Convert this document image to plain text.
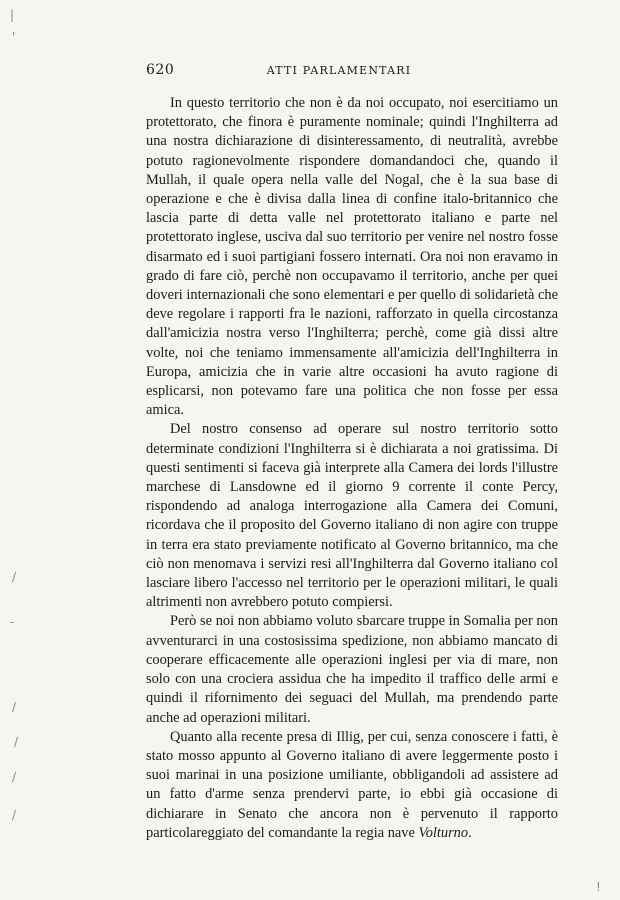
620	ATTI PARLAMENTARI

In questo territorio che non è da noi occupato, noi esercitiamo un protettorato, che finora è puramente nominale; quindi l'Inghilterra ad una nostra dichiarazione di disinteressamento, di neutralità, avrebbe potuto ragionevolmente rispondere domandandoci che, quando il Mullah, il quale opera nella valle del Nogal, che è la sua base di operazione e che è divisa dalla linea di confine italo-britannico che lascia parte di detta valle nel protettorato italiano e parte nel protettorato inglese, usciva dal suo territorio per venire nel nostro fosse disarmato ed i suoi partigiani fossero internati. Ora noi non eravamo in grado di fare ciò, perchè non occupavamo il territorio, anche per quei doveri internazionali che sono elementari e per quello di solidarietà che deve regolare i rapporti fra le nazioni, rafforzato in quella circostanza dall'amicizia nostra verso l'Inghilterra; perchè, come già dissi altre volte, noi che teniamo immensamente all'amicizia dell'Inghilterra in Europa, amicizia che in varie altre occasioni ha avuto ragione di esplicarsi, non potevamo fare una politica che non fosse per essa amica.

Del nostro consenso ad operare sul nostro territorio sotto determinate condizioni l'Inghilterra si è dichiarata a noi gratissima. Di questi sentimenti si faceva già interprete alla Camera dei lords l'illustre marchese di Lansdowne ed il giorno 9 corrente il conte Percy, rispondendo ad analoga interrogazione alla Camera dei Comuni, ricordava che il proposito del Governo italiano di non agire con truppe in terra era stato previamente notificato al Governo britannico, ma che ciò non menomava i servizi resi all'Inghilterra dal Governo italiano col lasciare libero l'accesso nel territorio per le operazioni militari, le quali altrimenti non avrebbero potuto compiersi.

Però se noi non abbiamo voluto sbarcare truppe in Somalia per non avventurarci in una costosissima spedizione, non abbiamo mancato di cooperare efficacemente alle operazioni inglesi per via di mare, non solo con una crociera assidua che ha impedito il traffico delle armi e quindi il rifornimento dei seguaci del Mullah, ma prendendo parte anche ad operazioni militari.

Quanto alla recente presa di Illig, per cui, senza conoscere i fatti, è stato mosso appunto al Governo italiano di avere leggermente posto i suoi marinai in una posizione umiliante, obbligandoli ad assistere ad un fatto d'arme senza prendervi parte, io ebbi già occasione di dichiarare in Senato che ancora non è pervenuto il rapporto particolareggiato del comandante la regia nave Volturno.

|
'
/
-
/
/
/
/
!
